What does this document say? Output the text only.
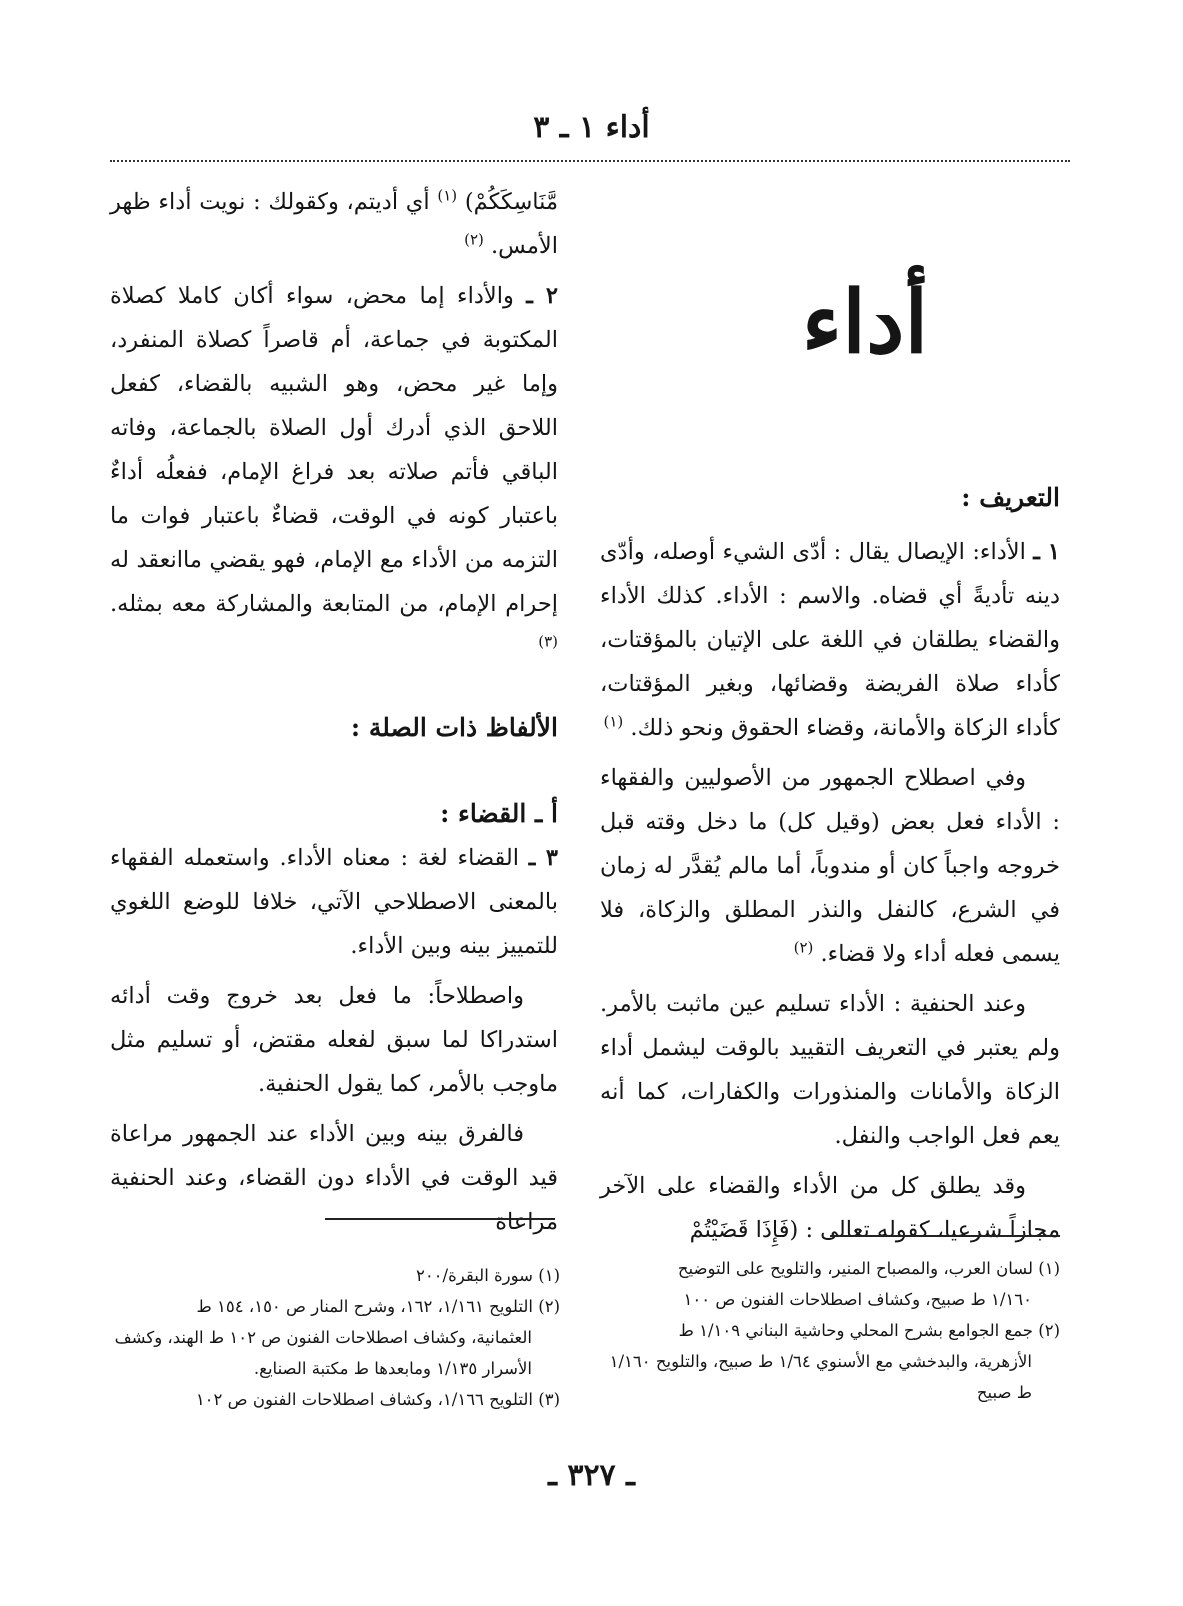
أداء ١ ـ ٣
أداء
التعريف :

١ ـ الأداء: الإيصال يقال : أدّى الشيء أوصله، وأدّى دينه تأديةً أي قضاه. والاسم : الأداء. كذلك الأداء والقضاء يطلقان في اللغة على الإتيان بالمؤقتات، كأداء صلاة الفريضة وقضائها، وبغير المؤقتات، كأداء الزكاة والأمانة، وقضاء الحقوق ونحو ذلك. $^{(١)}$

وفي اصطلاح الجمهور من الأصوليين والفقهاء : الأداء فعل بعض (وقيل كل) ما دخل وقته قبل خروجه واجباً كان أو مندوباً، أما مالم يُقدَّر له زمان في الشرع، كالنفل والنذر المطلق والزكاة، فلا يسمى فعله أداء ولا قضاء. $^{(٢)}$

وعند الحنفية : الأداء تسليم عين ماثبت بالأمر. ولم يعتبر في التعريف التقييد بالوقت ليشمل أداء الزكاة والأمانات والمنذورات والكفارات، كما أنه يعم فعل الواجب والنفل.

وقد يطلق كل من الأداء والقضاء على الآخر مجازاً شرعيا، كقوله تعالى : (فَإِذَا قَضَيْتُمْ

مَّنَاسِكَكُمْ) $^{(١)}$ أي أديتم، وكقولك : نويت أداء ظهر الأمس. $^{(٢)}$

٢ ـ والأداء إما محض، سواء أكان كاملا كصلاة المكتوبة في جماعة، أم قاصراً كصلاة المنفرد، وإما غير محض، وهو الشبيه بالقضاء، كفعل اللاحق الذي أدرك أول الصلاة بالجماعة، وفاته الباقي فأتم صلاته بعد فراغ الإمام، ففعلُه أداءٌ باعتبار كونه في الوقت، قضاءٌ باعتبار فوات ما التزمه من الأداء مع الإمام، فهو يقضي ماانعقد له إحرام الإمام، من المتابعة والمشاركة معه بمثله. $^{(٣)}$

الألفاظ ذات الصلة :
أ ـ القضاء :

٣ ـ القضاء لغة : معناه الأداء. واستعمله الفقهاء بالمعنى الاصطلاحي الآتي، خلافا للوضع اللغوي للتمييز بينه وبين الأداء.

واصطلاحاً: ما فعل بعد خروج وقت أدائه استدراكا لما سبق لفعله مقتض، أو تسليم مثل ماوجب بالأمر، كما يقول الحنفية.

فالفرق بينه وبين الأداء عند الجمهور مراعاة قيد الوقت في الأداء دون القضاء، وعند الحنفية مراعاة

(١) لسان العرب، والمصباح المنير، والتلويح على التوضيح
١/١٦٠ ط صبيح، وكشاف اصطلاحات الفنون ص ١٠٠

(٢) جمع الجوامع بشرح المحلي وحاشية البناني ١/١٠٩ ط
الأزهرية، والبدخشي مع الأسنوي ١/٦٤ ط صبيح، والتلويح ١/١٦٠ ط صبيح

(١) سورة البقرة/٢٠٠

(٢) التلويح ١/١٦١، ١٦٢، وشرح المنار ص ١٥٠، ١٥٤ ط
العثمانية، وكشاف اصطلاحات الفنون ص ١٠٢ ط الهند، وكشف الأسرار ١/١٣٥ ومابعدها ط مكتبة الصنايع.

(٣) التلويح ١/١٦٦، وكشاف اصطلاحات الفنون ص ١٠٢

ـ ٣٢٧ ـ
